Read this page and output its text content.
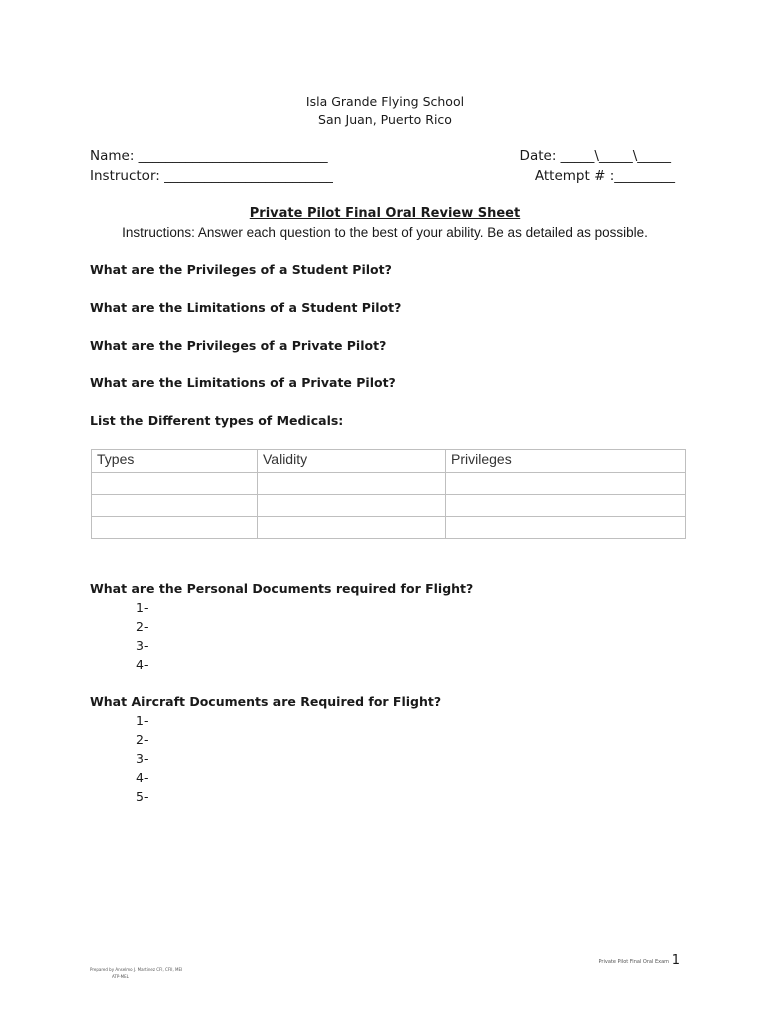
Isla Grande Flying School
San Juan, Puerto Rico
Name: ____________________________	Date: _____\_____\_____
Instructor: _________________________	Attempt # :_________
Private Pilot Final Oral Review Sheet
Instructions: Answer each question to the best of your ability. Be as detailed as possible.
What are the Privileges of a Student Pilot?
What are the Limitations of a Student Pilot?
What are the Privileges of a Private Pilot?
What are the Limitations of a Private Pilot?
List the Different types of Medicals:
Types	Validity	Privileges

What are the Personal Documents required for Flight?
1-
2-
3-
4-
What Aircraft Documents are Required for Flight?
1-
2-
3-
4-
5-
Prepared by Anselmo J. Martinez CFI, CFII, MEI
ATP-MEL
Private Pilot Final Oral Exam 1
